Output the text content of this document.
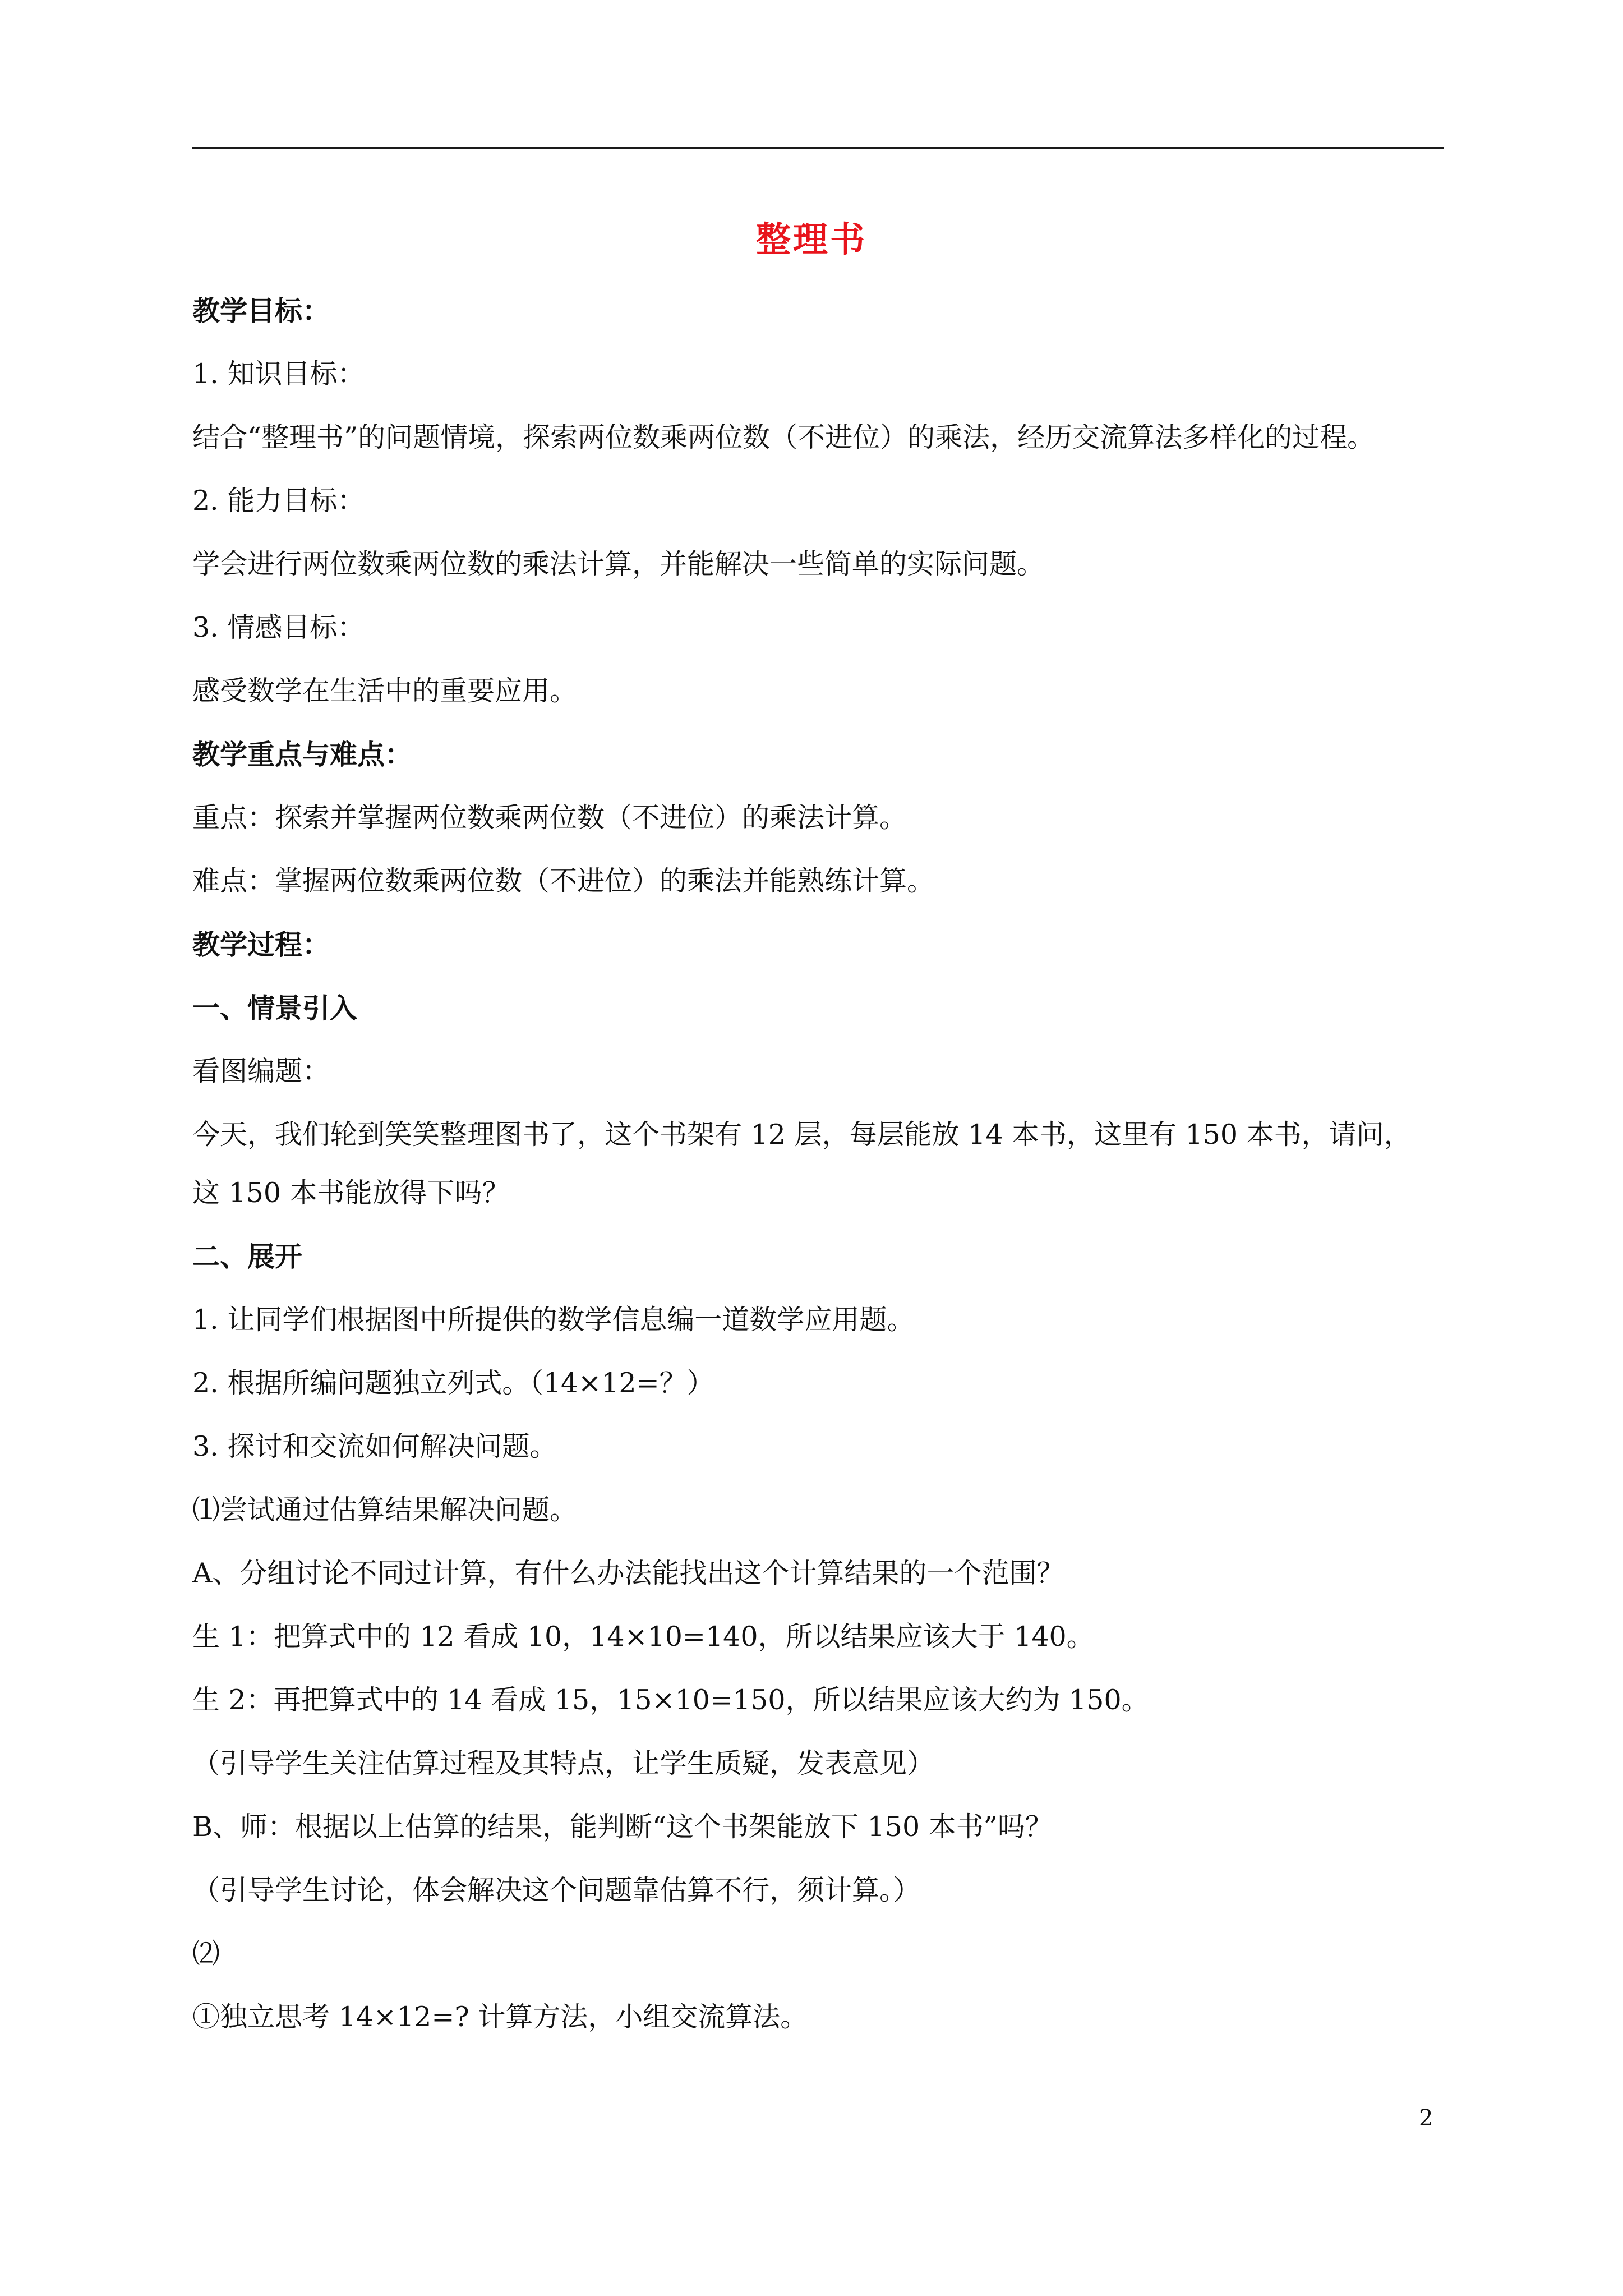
整理书
教学目标：
1. 知识目标：
结合“整理书”的问题情境，探索两位数乘两位数（不进位）的乘法，经历交流算法多样化的过程。
2. 能力目标：
学会进行两位数乘两位数的乘法计算，并能解决一些简单的实际问题。
3. 情感目标：
感受数学在生活中的重要应用。
教学重点与难点：
重点：探索并掌握两位数乘两位数（不进位）的乘法计算。
难点：掌握两位数乘两位数（不进位）的乘法并能熟练计算。
教学过程：
一、情景引入
看图编题：
今天，我们轮到笑笑整理图书了，这个书架有 12 层，每层能放 14 本书，这里有 150 本书，请问，
这 150 本书能放得下吗？
二、展开
1. 让同学们根据图中所提供的数学信息编一道数学应用题。
2. 根据所编问题独立列式。（14×12=？）
3. 探讨和交流如何解决问题。
⑴尝试通过估算结果解决问题。
A、分组讨论不同过计算，有什么办法能找出这个计算结果的一个范围？
生 1：把算式中的 12 看成 10，14×10=140，所以结果应该大于 140。
生 2：再把算式中的 14 看成 15，15×10=150，所以结果应该大约为 150。
（引导学生关注估算过程及其特点，让学生质疑，发表意见）
B、师：根据以上估算的结果，能判断“这个书架能放下 150 本书”吗？
（引导学生讨论，体会解决这个问题靠估算不行，须计算。）
⑵
①独立思考 14×12=? 计算方法，小组交流算法。
2
